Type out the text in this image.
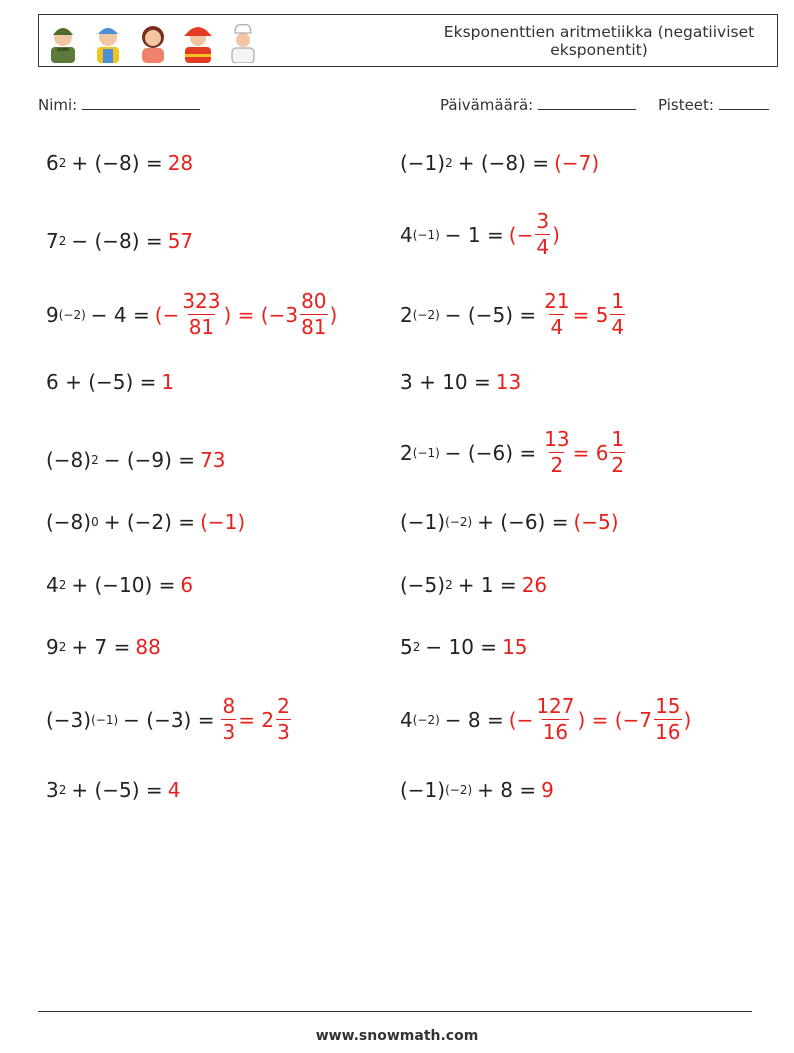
Eksponenttien aritmetiikka (negatiiviset eksponentit)
Nimi:	Päivämäärä:	Pisteet:
6 2 + (−8) = 28
7 2 − (−8) = 57
9 (−2) − 4 = (− $\frac{323}{81}$ ) = ($-3 \frac{80}{81}$ )
6 + (−5) = 1
(−8) 2 − (−9) = 73
(−8) 0 + (−2) = (−1)
4 2 + (−10) = 6
9 2 + 7 = 88
(−3) $(-1) - (-3) = \frac{8}{3} = 2 \frac{2}{3}$
3 2 + (−5) = 4
(−1) 2 + (−8) = (−7)
4 (−1) − 1 = (− $\frac{3}{4}$ )
2 $(-2) - (-5) = \frac{21}{4} = 5 \frac{1}{4}$
3 + 10 = 13
2 $(-1) - (-6) = \frac{13}{2} = 6 \frac{1}{2}$
(−1) (−2) + (−6) = (−5)
(−5) 2 + 1 = 26
5 2 − 10 = 15
4 (−2) − 8 = (− $\frac{127}{16}$ ) = ($-7 \frac{15}{16}$ )
(−1) (−2) + 8 = 9
www.snowmath.com
